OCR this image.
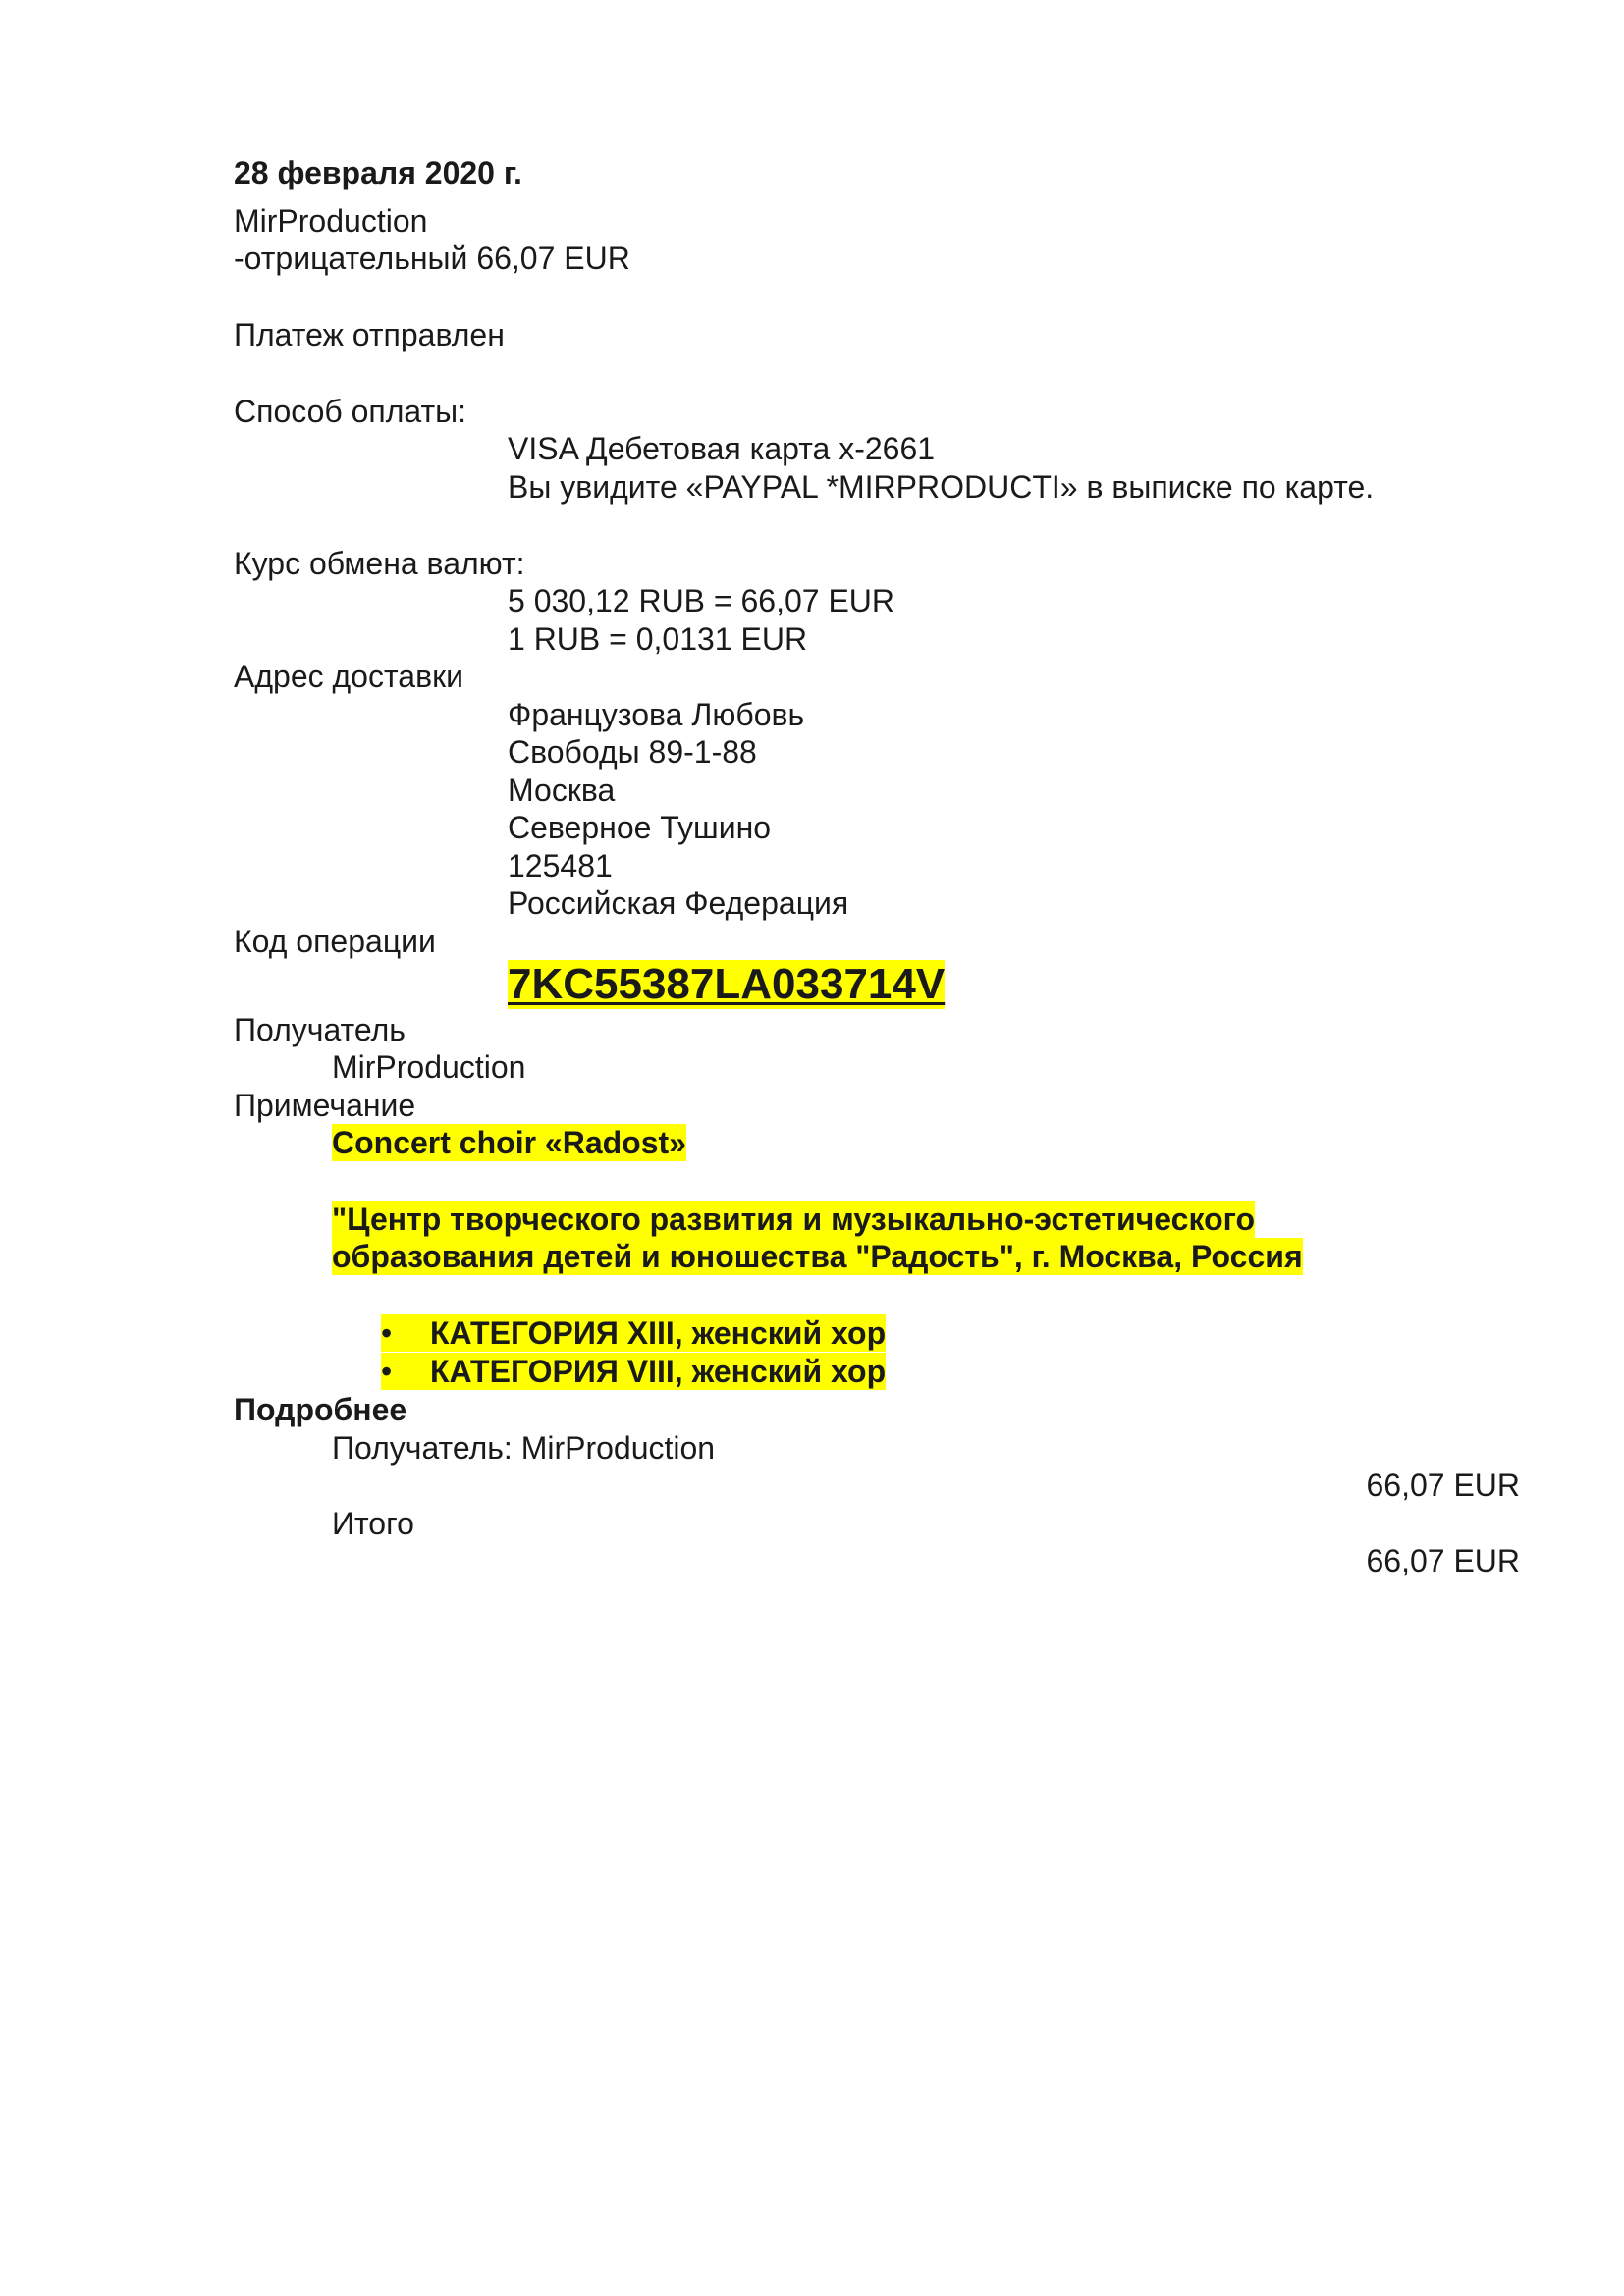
28 февраля 2020 г.
MirProduction
-отрицательный 66,07 EUR
Платеж отправлен
Способ оплаты:
VISA Дебетовая карта x-2661
Вы увидите «PAYPAL *MIRPRODUCTI» в выписке по карте.
Курс обмена валют:
5 030,12 RUB = 66,07 EUR
1 RUB = 0,0131 EUR
Адрес доставки
Французова Любовь
Свободы 89-1-88
Москва
Северное Тушино
125481
Российская Федерация
Код операции
7KC55387LA033714V
Получатель
MirProduction
Примечание
Concert choir «Radost»
"Центр творческого развития и музыкально-эстетического
образования детей и юношества "Радость", г. Москва, Россия
• КАТЕГОРИЯ XIII, женский хор
• КАТЕГОРИЯ VIII, женский хор
Подробнее
Получатель: MirProduction
66,07 EUR
Итого
66,07 EUR
